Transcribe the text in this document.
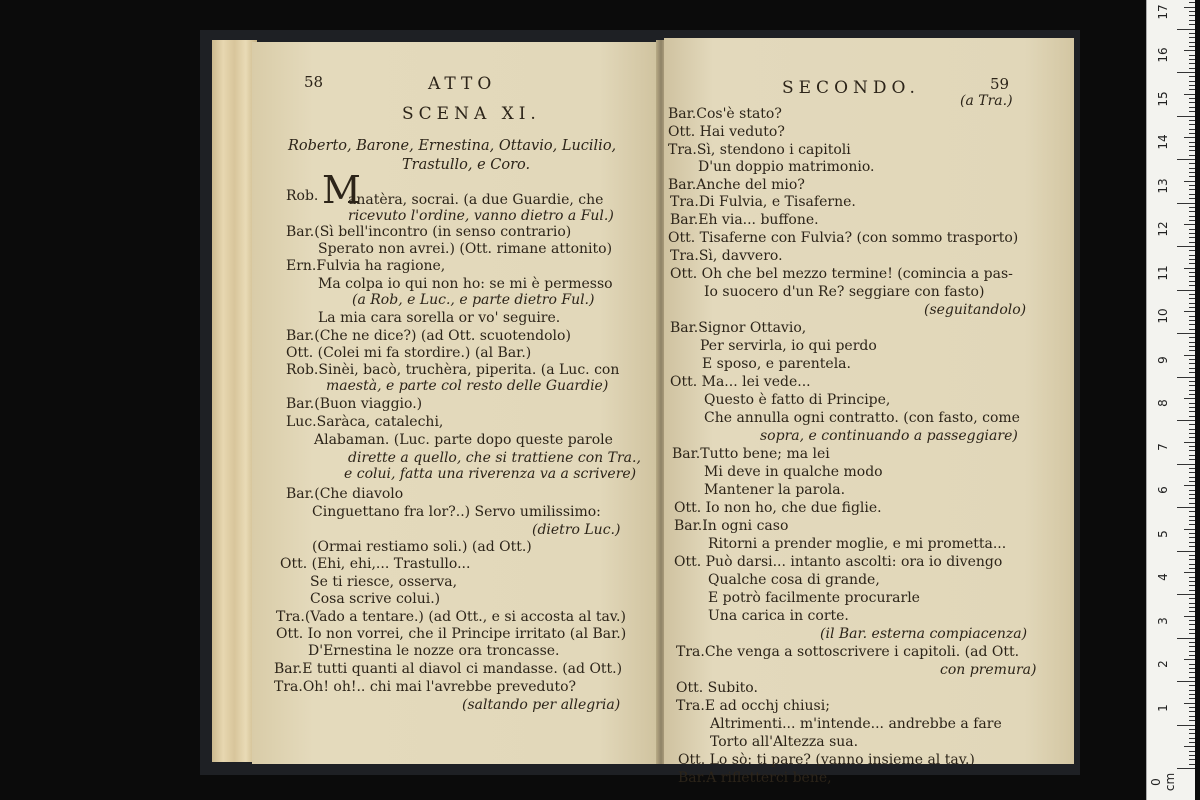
58	ATTO
SCENA XI.
Roberto, Barone, Ernestina, Ottavio, Lucilio,
Trastullo, e Coro.
M
Rob. anatèra, socrai. (a due Guardie, che
ricevuto l'ordine, vanno dietro a Ful.)
Bar.(Sì bell'incontro (in senso contrario)
Sperato non avrei.) (Ott. rimane attonito)
Ern.Fulvia ha ragione,
Ma colpa io qui non ho: se mi è permesso
(a Rob, e Luc., e parte dietro Ful.)
La mia cara sorella or vo' seguire.
Bar.(Che ne dice?) (ad Ott. scuotendolo)
Ott. (Colei mi fa stordire.) (al Bar.)
Rob.Sinèi, bacò, truchèra, piperita. (a Luc. con
maestà, e parte col resto delle Guardie)
Bar.(Buon viaggio.)
Luc.Saràca, catalechi,
Alabaman. (Luc. parte dopo queste parole
dirette a quello, che si trattiene con Tra.,
e colui, fatta una riverenza va a scrivere)
Bar.(Che diavolo
Cinguettano fra lor?..) Servo umilissimo:
(dietro Luc.)
(Ormai restiamo soli.) (ad Ott.)
Ott. (Ehi, ehi,... Trastullo...
Se ti riesce, osserva,
Cosa scrive colui.)
Tra.(Vado a tentare.) (ad Ott., e si accosta al tav.)
Ott. Io non vorrei, che il Principe irritato (al Bar.)
D'Ernestina le nozze ora troncasse.
Bar.E tutti quanti al diavol ci mandasse. (ad Ott.)
Tra.Oh! oh!.. chi mai l'avrebbe preveduto?
(saltando per allegria)
SECONDO.	59
(a Tra.)
Bar.Cos'è stato?
Ott. Hai veduto?
Tra.Sì, stendono i capitoli
D'un doppio matrimonio.
Bar.Anche del mio?
Tra.Di Fulvia, e Tisaferne.
Bar.Eh via... buffone.
Ott. Tisaferne con Fulvia? (con sommo trasporto)
Tra.Sì, davvero.
Ott. Oh che bel mezzo termine! (comincia a pas-
Io suocero d'un Re? seggiare con fasto)
(seguitandolo)
Bar.Signor Ottavio,
Per servirla, io qui perdo
E sposo, e parentela.
Ott. Ma... lei vede...
Questo è fatto di Principe,
Che annulla ogni contratto. (con fasto, come
sopra, e continuando a passeggiare)
Bar.Tutto bene; ma lei
Mi deve in qualche modo
Mantener la parola.
Ott. Io non ho, che due figlie.
Bar.In ogni caso
Ritorni a prender moglie, e mi prometta...
Ott. Può darsi... intanto ascolti: ora io divengo
Qualche cosa di grande,
E potrò facilmente procurarle
Una carica in corte.
(il Bar. esterna compiacenza)
Tra.Che venga a sottoscrivere i capitoli. (ad Ott.
con premura)
Ott. Subito.
Tra.E ad occhj chiusi;
Altrimenti... m'intende... andrebbe a fare
Torto all'Altezza sua.
Ott. Lo sò: ti pare? (vanno insieme al tav.)
Bar.A rifletterci bene,	0 cm
1
2
3
4
5
6
7
8
9
10
11
12
13
14
15
16
17
